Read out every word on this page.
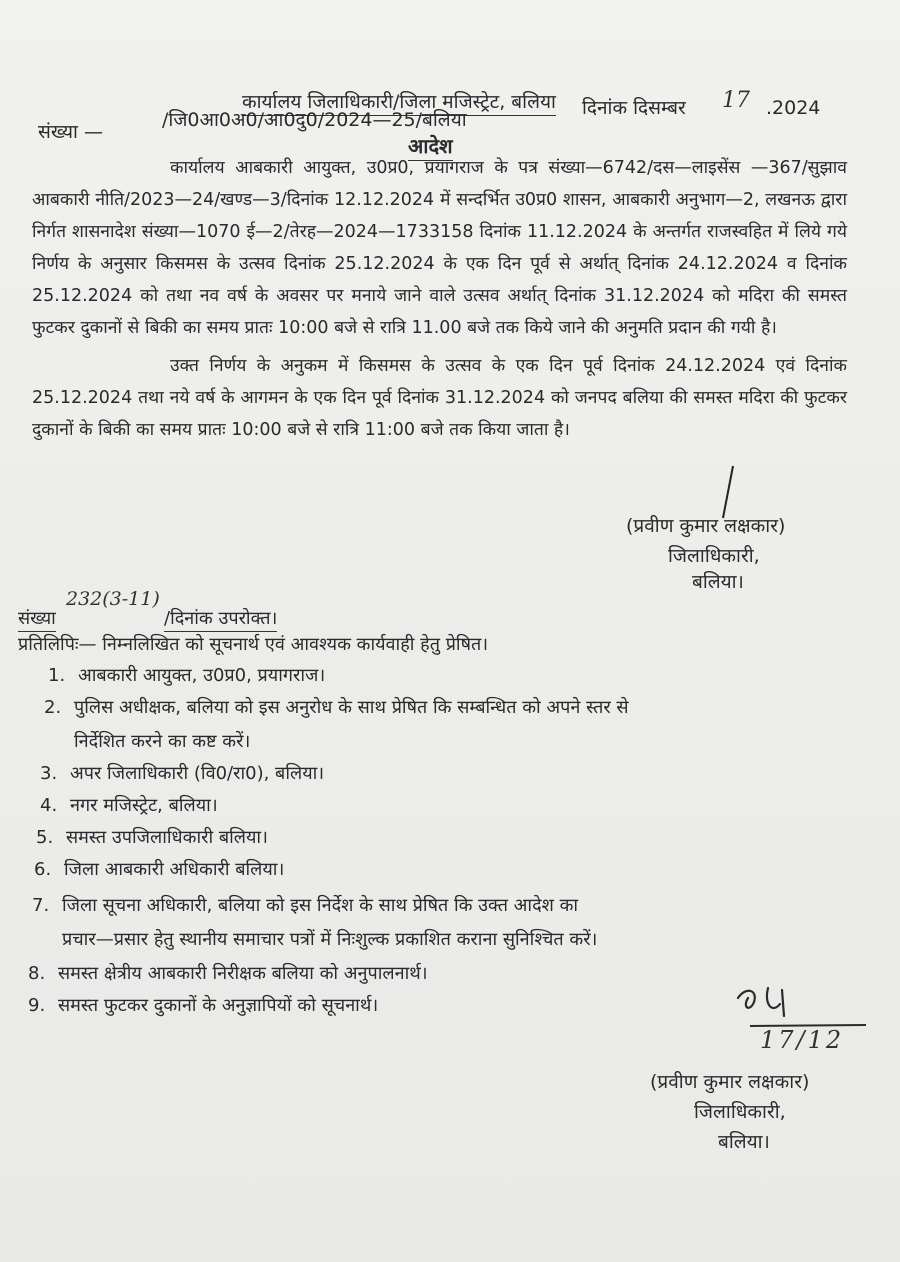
कार्यालय जिलाधिकारी/जिला मजिस्ट्रेट, बलिया
संख्या —
/जि0आ0अ0/आ0दु0/2024—25/बलिया
दिनांक दिसम्बर 17 .2024
आदेश

कार्यालय आबकारी आयुक्त, उ0प्र0, प्रयागराज के पत्र संख्या—6742/दस—लाइसेंस —367/सुझाव आबकारी नीति/2023—24/खण्ड—3/दिनांक 12.12.2024 में सन्दर्भित उ0प्र0 शासन, आबकारी अनुभाग—2, लखनऊ द्वारा निर्गत शासनादेश संख्या—1070 ई—2/तेरह—2024—1733158 दिनांक 11.12.2024 के अन्तर्गत राजस्वहित में लिये गये निर्णय के अनुसार किसमस के उत्सव दिनांक 25.12.2024 के एक दिन पूर्व से अर्थात् दिनांक 24.12.2024 व दिनांक 25.12.2024 को तथा नव वर्ष के अवसर पर मनाये जाने वाले उत्सव अर्थात् दिनांक 31.12.2024 को मदिरा की समस्त फुटकर दुकानों से बिकी का समय प्रातः 10:00 बजे से रात्रि 11.00 बजे तक किये जाने की अनुमति प्रदान की गयी है।

उक्त निर्णय के अनुकम में किसमस के उत्सव के एक दिन पूर्व दिनांक 24.12.2024 एवं दिनांक 25.12.2024 तथा नये वर्ष के आगमन के एक दिन पूर्व दिनांक 31.12.2024 को जनपद बलिया की समस्त मदिरा की फुटकर दुकानों के बिकी का समय प्रातः 10:00 बजे से रात्रि 11:00 बजे तक किया जाता है।

(प्रवीण कुमार लक्षकार)
जिलाधिकारी,
बलिया।
संख्या
232(3-11)
/दिनांक उपरोक्त।
प्रतिलिपिः— निम्नलिखित को सूचनार्थ एवं आवश्यक कार्यवाही हेतु प्रेषित।
1. आबकारी आयुक्त, उ0प्र0, प्रयागराज।
2. पुलिस अधीक्षक, बलिया को इस अनुरोध के साथ प्रेषित कि सम्बन्धित को अपने स्तर से
निर्देशित करने का कष्ट करें।
3. अपर जिलाधिकारी (वि0/रा0), बलिया।
4. नगर मजिस्ट्रेट, बलिया।
5. समस्त उपजिलाधिकारी बलिया।
6. जिला आबकारी अधिकारी बलिया।
7. जिला सूचना अधिकारी, बलिया को इस निर्देश के साथ प्रेषित कि उक्त आदेश का
प्रचार—प्रसार हेतु स्थानीय समाचार पत्रों में निःशुल्क प्रकाशित कराना सुनिश्चित करें।
8. समस्त क्षेत्रीय आबकारी निरीक्षक बलिया को अनुपालनार्थ।
9. समस्त फुटकर दुकानों के अनुज्ञापियों को सूचनार्थ।
17/12
(प्रवीण कुमार लक्षकार)
जिलाधिकारी,
बलिया।
